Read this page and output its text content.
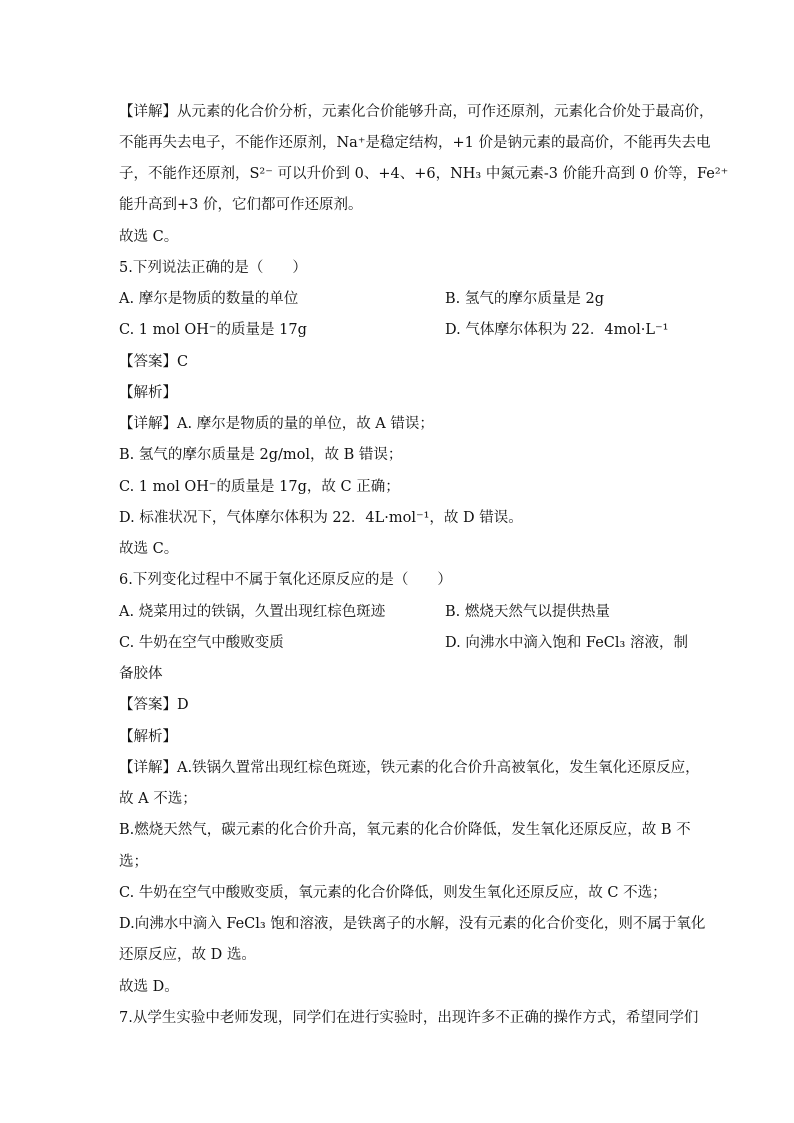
【详解】从元素的化合价分析，元素化合价能够升高，可作还原剂，元素化合价处于最高价，
不能再失去电子，不能作还原剂，Na⁺是稳定结构，+1 价是钠元素的最高价，不能再失去电
子，不能作还原剂，S²⁻ 可以升价到 0、+4、+6，NH₃ 中氮元素-3 价能升高到 0 价等，Fe²⁺
能升高到+3 价，它们都可作还原剂。
故选 C。
5.下列说法正确的是（　　）
A. 摩尔是物质的数量的单位	B. 氢气的摩尔质量是 2g
C. 1 mol OH⁻的质量是 17g	D. 气体摩尔体积为 22．4mol·L⁻¹
【答案】C
【解析】
【详解】A. 摩尔是物质的量的单位，故 A 错误；
B. 氢气的摩尔质量是 2g/mol，故 B 错误；
C. 1 mol OH⁻的质量是 17g，故 C 正确；
D. 标准状况下，气体摩尔体积为 22．4L·mol⁻¹，故 D 错误。
故选 C。
6.下列变化过程中不属于氧化还原反应的是（　　）
A. 烧菜用过的铁锅，久置出现红棕色斑迹	B. 燃烧天然气以提供热量
C. 牛奶在空气中酸败变质	D. 向沸水中滴入饱和 FeCl₃ 溶液，制
备胶体
【答案】D
【解析】
【详解】A.铁锅久置常出现红棕色斑迹，铁元素的化合价升高被氧化，发生氧化还原反应，
故 A 不选；
B.燃烧天然气，碳元素的化合价升高，氧元素的化合价降低，发生氧化还原反应，故 B 不
选；
C. 牛奶在空气中酸败变质，氧元素的化合价降低，则发生氧化还原反应，故 C 不选；
D.向沸水中滴入 FeCl₃ 饱和溶液，是铁离子的水解，没有元素的化合价变化，则不属于氧化
还原反应，故 D 选。
故选 D。
7.从学生实验中老师发现，同学们在进行实验时，出现许多不正确的操作方式，希望同学们
